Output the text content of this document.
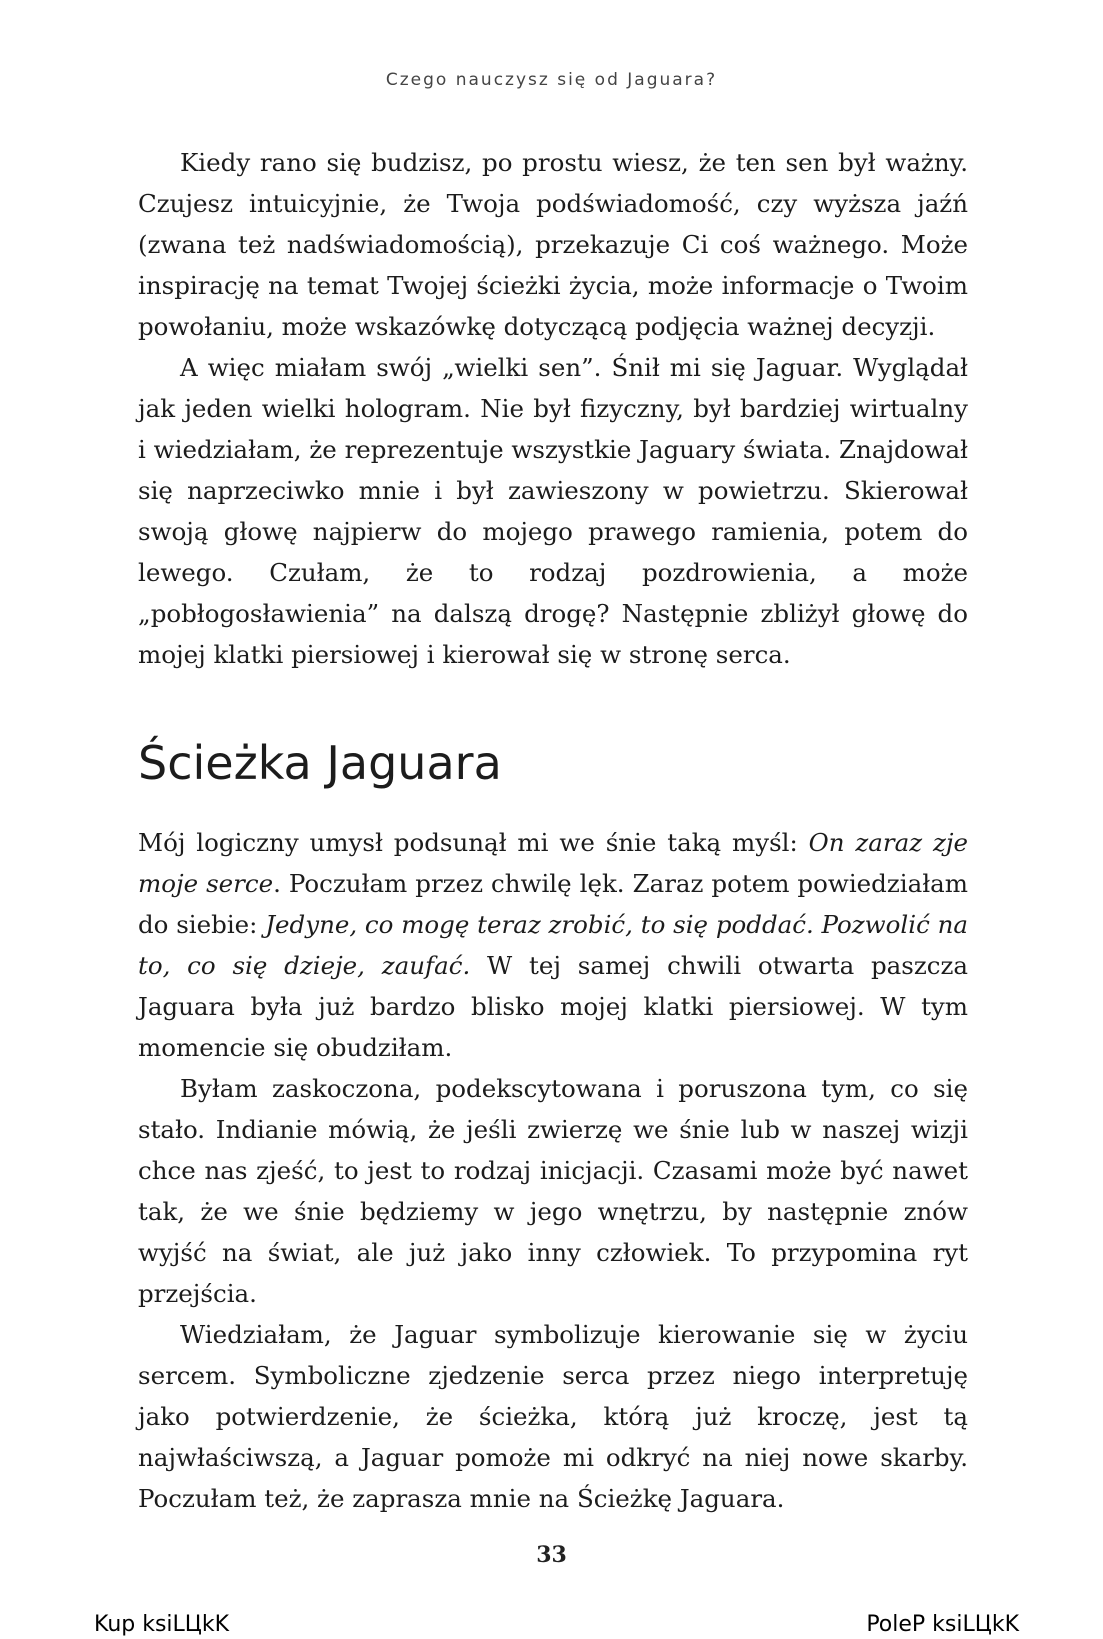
Czego nauczysz się od Jaguara?

Kiedy rano się budzisz, po prostu wiesz, że ten sen był ważny. Czujesz intuicyjnie, że Twoja podświadomość, czy wyższa jaźń (zwana też nadświadomością), przekazuje Ci coś ważnego. Może inspirację na temat Twojej ścieżki życia, może informacje o Twoim powołaniu, może wskazówkę dotyczącą podjęcia ważnej decyzji.

A więc miałam swój „wielki sen”. Śnił mi się Jaguar. Wyglądał jak jeden wielki hologram. Nie był fizyczny, był bardziej wirtualny i wiedziałam, że reprezentuje wszystkie Jaguary świata. Znajdował się naprzeciwko mnie i był zawieszony w powietrzu. Skierował swoją głowę najpierw do mojego prawego ramienia, potem do lewego. Czułam, że to rodzaj pozdrowienia, a może „pobłogosławienia” na dalszą drogę? Następnie zbliżył głowę do mojej klatki piersiowej i kierował się w stronę serca.

Ścieżka Jaguara

Mój logiczny umysł podsunął mi we śnie taką myśl: On zaraz zje moje serce. Poczułam przez chwilę lęk. Zaraz potem powiedziałam do siebie: Jedyne, co mogę teraz zrobić, to się poddać. Pozwolić na to, co się dzieje, zaufać. W tej samej chwili otwarta paszcza Jaguara była już bardzo blisko mojej klatki piersiowej. W tym momencie się obudziłam.

Byłam zaskoczona, podekscytowana i poruszona tym, co się stało. Indianie mówią, że jeśli zwierzę we śnie lub w naszej wizji chce nas zjeść, to jest to rodzaj inicjacji. Czasami może być nawet tak, że we śnie będziemy w jego wnętrzu, by następnie znów wyjść na świat, ale już jako inny człowiek. To przypomina ryt przejścia.

Wiedziałam, że Jaguar symbolizuje kierowanie się w życiu sercem. Symboliczne zjedzenie serca przez niego interpretuję jako potwierdzenie, że ścieżka, którą już kroczę, jest tą najwłaściwszą, a Jaguar pomoże mi odkryć na niej nowe skarby. Poczułam też, że zaprasza mnie na Ścieżkę Jaguara.

33
Kup ksiLЦkK	PoleP ksiLЦkK
